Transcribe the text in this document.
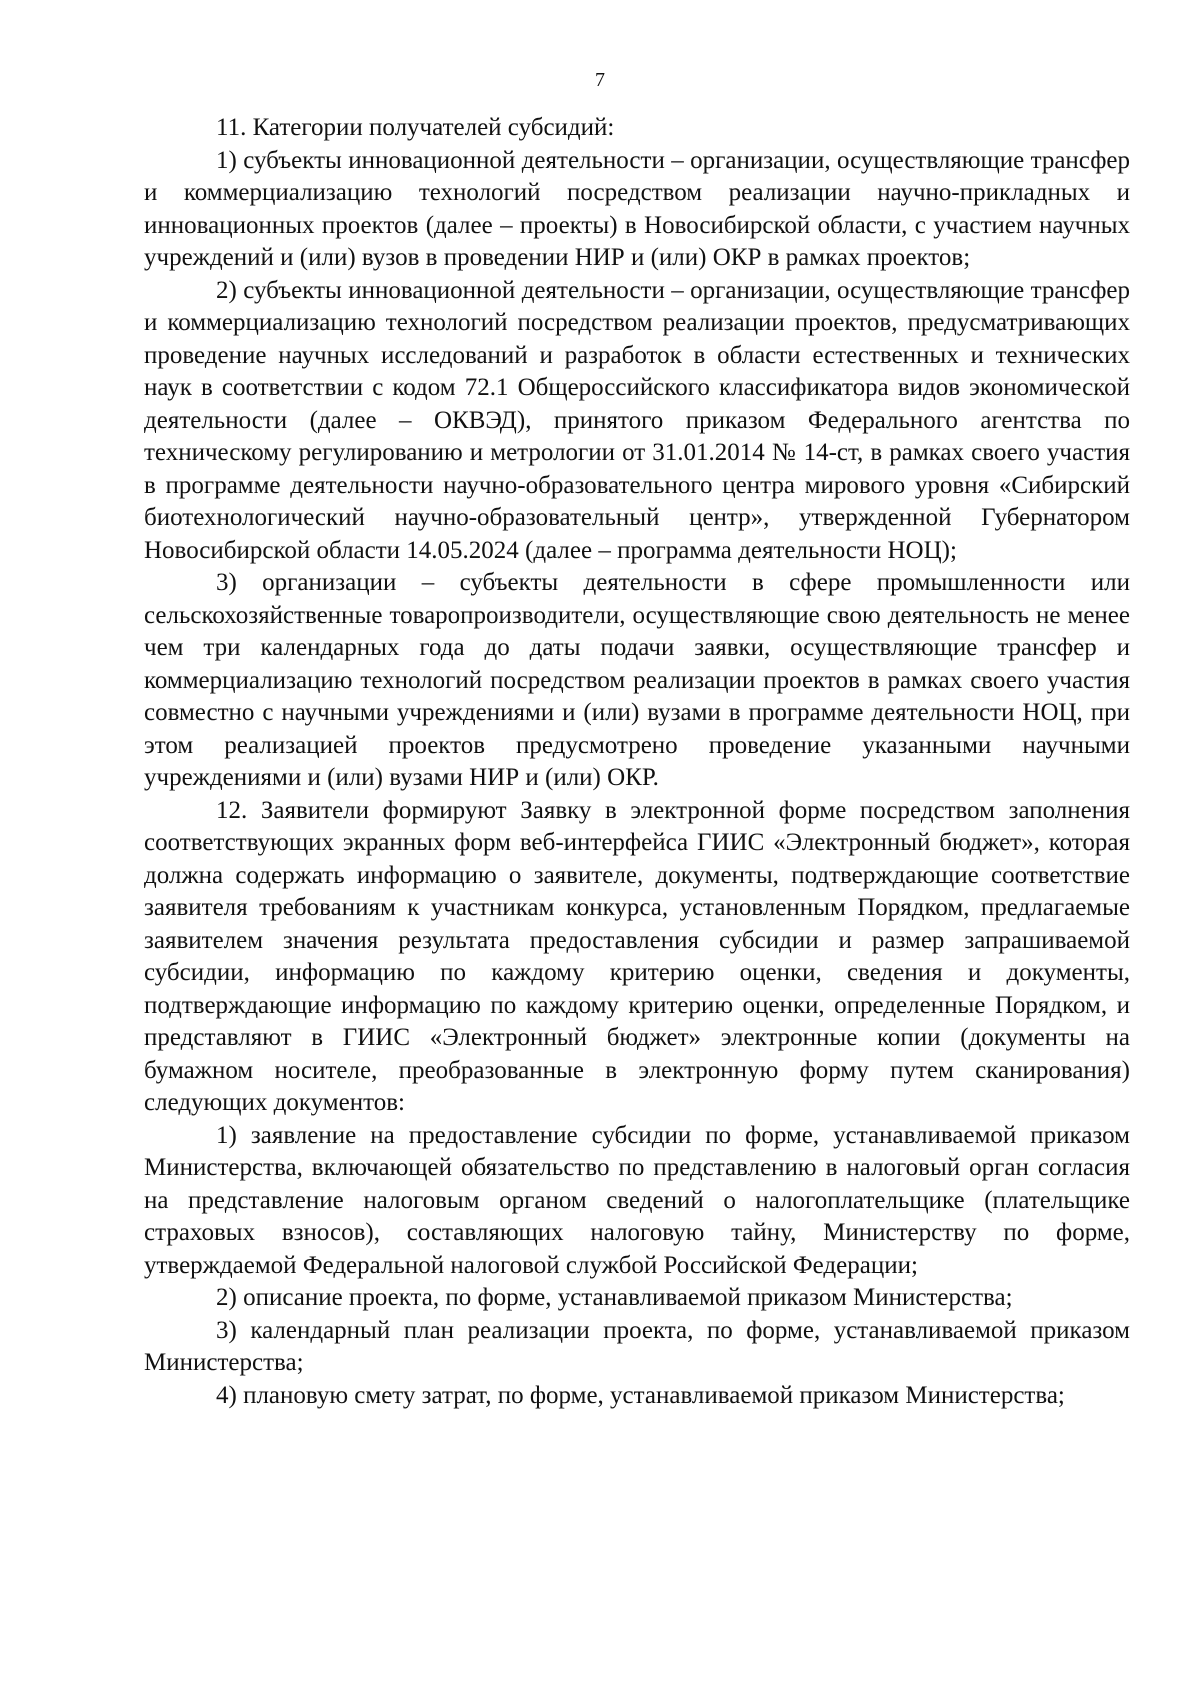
7

11. Категории получателей субсидий:

1) субъекты инновационной деятельности – организации, осуществляющие трансфер и коммерциализацию технологий посредством реализации научно-прикладных и инновационных проектов (далее – проекты) в Новосибирской области, с участием научных учреждений и (или) вузов в проведении НИР и (или) ОКР в рамках проектов;

2) субъекты инновационной деятельности – организации, осуществляющие трансфер и коммерциализацию технологий посредством реализации проектов, предусматривающих проведение научных исследований и разработок в области естественных и технических наук в соответствии с кодом 72.1 Общероссийского классификатора видов экономической деятельности (далее – ОКВЭД), принятого приказом Федерального агентства по техническому регулированию и метрологии от 31.01.2014 № 14-ст, в рамках своего участия в программе деятельности научно-образовательного центра мирового уровня «Сибирский биотехнологический научно-образовательный центр», утвержденной Губернатором Новосибирской области 14.05.2024 (далее – программа деятельности НОЦ);

3) организации – субъекты деятельности в сфере промышленности или сельскохозяйственные товаропроизводители, осуществляющие свою деятельность не менее чем три календарных года до даты подачи заявки, осуществляющие трансфер и коммерциализацию технологий посредством реализации проектов в рамках своего участия совместно с научными учреждениями и (или) вузами в программе деятельности НОЦ, при этом реализацией проектов предусмотрено проведение указанными научными учреждениями и (или) вузами НИР и (или) ОКР.

12. Заявители формируют Заявку в электронной форме посредством заполнения соответствующих экранных форм веб-интерфейса ГИИС «Электронный бюджет», которая должна содержать информацию о заявителе, документы, подтверждающие соответствие заявителя требованиям к участникам конкурса, установленным Порядком, предлагаемые заявителем значения результата предоставления субсидии и размер запрашиваемой субсидии, информацию по каждому критерию оценки, сведения и документы, подтверждающие информацию по каждому критерию оценки, определенные Порядком, и представляют в ГИИС «Электронный бюджет» электронные копии (документы на бумажном носителе, преобразованные в электронную форму путем сканирования) следующих документов:

1) заявление на предоставление субсидии по форме, устанавливаемой приказом Министерства, включающей обязательство по представлению в налоговый орган согласия на представление налоговым органом сведений о налогоплательщике (плательщике страховых взносов), составляющих налоговую тайну, Министерству по форме, утверждаемой Федеральной налоговой службой Российской Федерации;

2) описание проекта, по форме, устанавливаемой приказом Министерства;

3) календарный план реализации проекта, по форме, устанавливаемой приказом Министерства;

4) плановую смету затрат, по форме, устанавливаемой приказом Министерства;
